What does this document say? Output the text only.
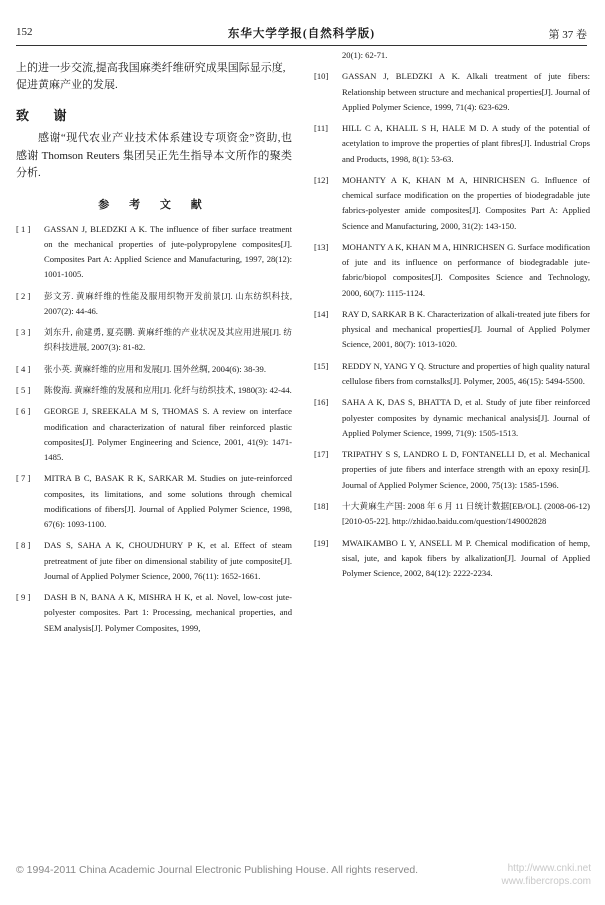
152	东华大学学报(自然科学版)	第 37 卷

上的进一步交流,提高我国麻类纤维研究成果国际显示度,促进黄麻产业的发展.

致 谢

感谢“现代农业产业技术体系建设专项资金”资助,也感谢 Thomson Reuters 集团吴正先生指导本文所作的聚类分析.

参 考 文 献
[ 1 ]	GASSAN J, BLEDZKI A K. The influence of fiber surface treatment on the mechanical properties of jute-polypropylene composites[J]. Composites Part A: Applied Science and Manufacturing, 1997, 28(12): 1001-1005.
[ 2 ]	彭文芳. 黄麻纤维的性能及服用织物开发前景[J]. 山东纺织科技, 2007(2): 44-46.
[ 3 ]	刘东升, 俞建勇, 夏亮鹏. 黄麻纤维的产业状况及其应用进展[J]. 纺织科技进展, 2007(3): 81-82.
[ 4 ]	张小英. 黄麻纤维的应用和发展[J]. 国外丝绸, 2004(6): 38-39.
[ 5 ]	陈俊海. 黄麻纤维的发展和应用[J]. 化纤与纺织技术, 1980(3): 42-44.
[ 6 ]	GEORGE J, SREEKALA M S, THOMAS S. A review on interface modification and characterization of natural fiber reinforced plastic composites[J]. Polymer Engineering and Science, 2001, 41(9): 1471-1485.
[ 7 ]	MITRA B C, BASAK R K, SARKAR M. Studies on jute-reinforced composites, its limitations, and some solutions through chemical modifications of fibers[J]. Journal of Applied Polymer Science, 1998, 67(6): 1093-1100.
[ 8 ]	DAS S, SAHA A K, CHOUDHURY P K, et al. Effect of steam pretreatment of jute fiber on dimensional stability of jute composite[J]. Journal of Applied Polymer Science, 2000, 76(11): 1652-1661.
[ 9 ]	DASH B N, BANA A K, MISHRA H K, et al. Novel, low-cost jute-polyester composites. Part 1: Processing, mechanical properties, and SEM analysis[J]. Polymer Composites, 1999,
20(1): 62-71.
[10]	GASSAN J, BLEDZKI A K. Alkali treatment of jute fibers: Relationship between structure and mechanical properties[J]. Journal of Applied Polymer Science, 1999, 71(4): 623-629.
[11]	HILL C A, KHALIL S H, HALE M D. A study of the potential of acetylation to improve the properties of plant fibres[J]. Industrial Crops and Products, 1998, 8(1): 53-63.
[12]	MOHANTY A K, KHAN M A, HINRICHSEN G. Influence of chemical surface modification on the properties of biodegradable jute fabrics-polyester amide composites[J]. Composites Part A: Applied Science and Manufacturing, 2000, 31(2): 143-150.
[13]	MOHANTY A K, KHAN M A, HINRICHSEN G. Surface modification of jute and its influence on performance of biodegradable jute-fabric/biopol composites[J]. Composites Science and Technology, 2000, 60(7): 1115-1124.
[14]	RAY D, SARKAR B K. Characterization of alkali-treated jute fibers for physical and mechanical properties[J]. Journal of Applied Polymer Science, 2001, 80(7): 1013-1020.
[15]	REDDY N, YANG Y Q. Structure and properties of high quality natural cellulose fibers from cornstalks[J]. Polymer, 2005, 46(15): 5494-5500.
[16]	SAHA A K, DAS S, BHATTA D, et al. Study of jute fiber reinforced polyester composites by dynamic mechanical analysis[J]. Journal of Applied Polymer Science, 1999, 71(9): 1505-1513.
[17]	TRIPATHY S S, LANDRO L D, FONTANELLI D, et al. Mechanical properties of jute fibers and interface strength with an epoxy resin[J]. Journal of Applied Polymer Science, 2000, 75(13): 1585-1596.
[18]	十大黄麻生产国: 2008 年 6 月 11 日统计数据[EB/OL]. (2008-06-12)[2010-05-22]. http://zhidao.baidu.com/question/149002828
[19]	MWAIKAMBO L Y, ANSELL M P. Chemical modification of hemp, sisal, jute, and kapok fibers by alkalization[J]. Journal of Applied Polymer Science, 2002, 84(12): 2222-2234.
© 1994-2011 China Academic Journal Electronic Publishing House. All rights reserved.	http://www.cnki.net
www.fibercrops.com
